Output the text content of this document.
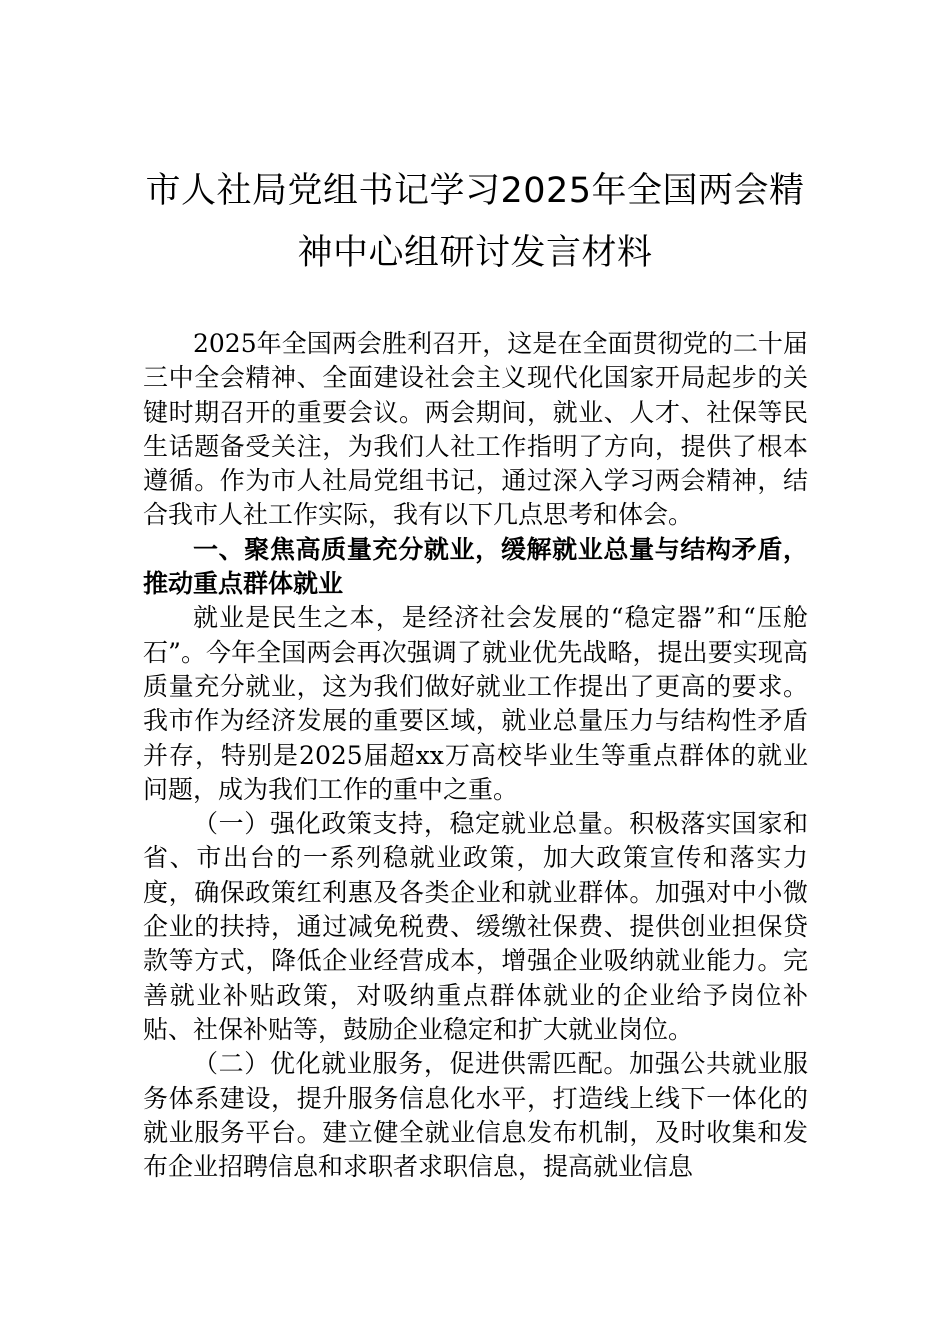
市人社局党组书记学习2025年全国两会精
神中心组研讨发言材料

2025年全国两会胜利召开，这是在全面贯彻党的二十届三中全会精神、全面建设社会主义现代化国家开局起步的关键时期召开的重要会议。两会期间，就业、人才、社保等民生话题备受关注，为我们人社工作指明了方向，提供了根本遵循。作为市人社局党组书记，通过深入学习两会精神，结合我市人社工作实际，我有以下几点思考和体会。

一、聚焦高质量充分就业，缓解就业总量与结构矛盾，推动重点群体就业

就业是民生之本，是经济社会发展的“稳定器”和“压舱石”。今年全国两会再次强调了就业优先战略，提出要实现高质量充分就业，这为我们做好就业工作提出了更高的要求。我市作为经济发展的重要区域，就业总量压力与结构性矛盾并存，特别是2025届超xx万高校毕业生等重点群体的就业问题，成为我们工作的重中之重。

（一）强化政策支持，稳定就业总量。积极落实国家和省、市出台的一系列稳就业政策，加大政策宣传和落实力度，确保政策红利惠及各类企业和就业群体。加强对中小微企业的扶持，通过减免税费、缓缴社保费、提供创业担保贷款等方式，降低企业经营成本，增强企业吸纳就业能力。完善就业补贴政策，对吸纳重点群体就业的企业给予岗位补贴、社保补贴等，鼓励企业稳定和扩大就业岗位。

（二）优化就业服务，促进供需匹配。加强公共就业服务体系建设，提升服务信息化水平，打造线上线下一体化的就业服务平台。建立健全就业信息发布机制，及时收集和发布企业招聘信息和求职者求职信息，提高就业信息
